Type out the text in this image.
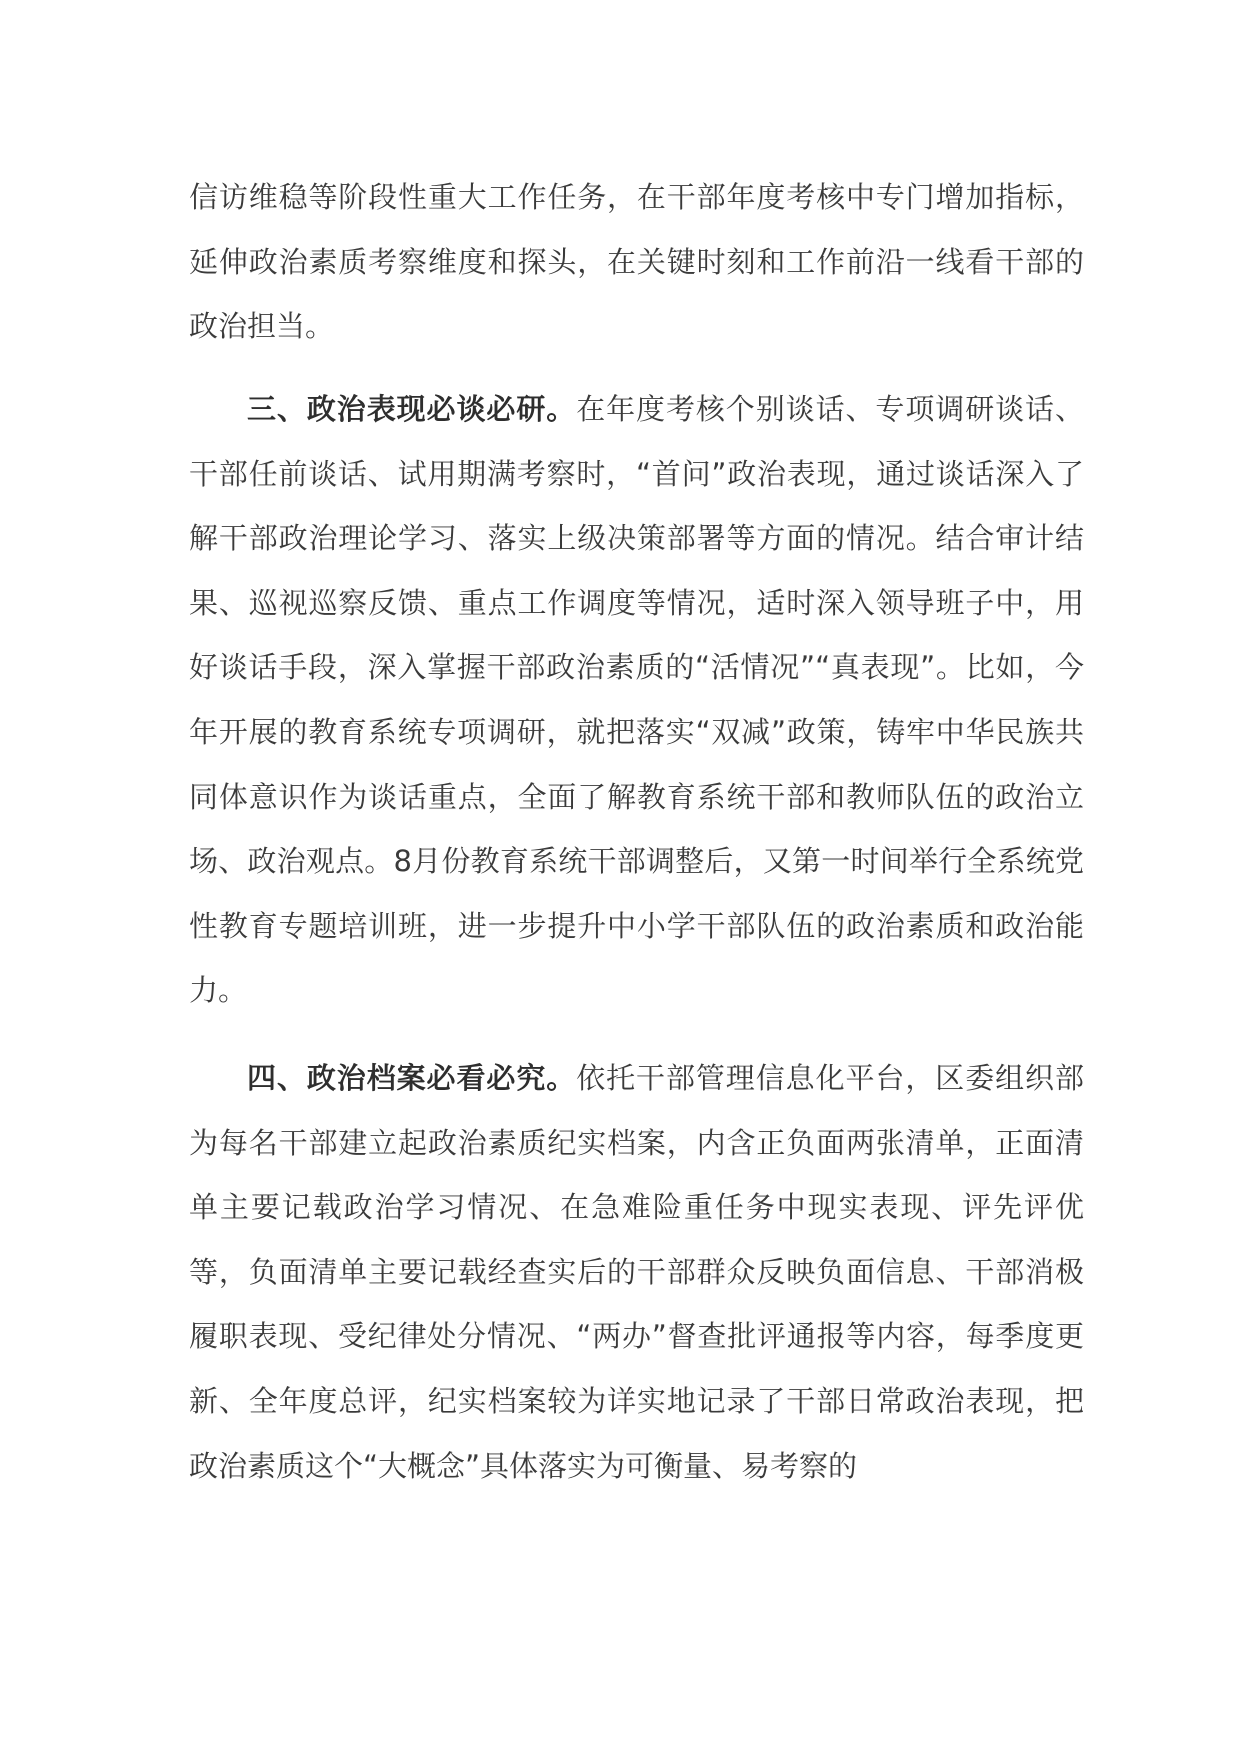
信访维稳等阶段性重大工作任务，在干部年度考核中专门增加指标，延伸政治素质考察维度和探头，在关键时刻和工作前沿一线看干部的政治担当。

三、政治表现必谈必研。在年度考核个别谈话、专项调研谈话、干部任前谈话、试用期满考察时，“首问”政治表现，通过谈话深入了解干部政治理论学习、落实上级决策部署等方面的情况。结合审计结果、巡视巡察反馈、重点工作调度等情况，适时深入领导班子中，用好谈话手段，深入掌握干部政治素质的“活情况”“真表现”。比如，今年开展的教育系统专项调研，就把落实“双减”政策，铸牢中华民族共同体意识作为谈话重点，全面了解教育系统干部和教师队伍的政治立场、政治观点。8月份教育系统干部调整后，又第一时间举行全系统党性教育专题培训班，进一步提升中小学干部队伍的政治素质和政治能力。

四、政治档案必看必究。依托干部管理信息化平台，区委组织部为每名干部建立起政治素质纪实档案，内含正负面两张清单，正面清单主要记载政治学习情况、在急难险重任务中现实表现、评先评优等，负面清单主要记载经查实后的干部群众反映负面信息、干部消极履职表现、受纪律处分情况、“两办”督查批评通报等内容，每季度更新、全年度总评，纪实档案较为详实地记录了干部日常政治表现，把政治素质这个“大概念”具体落实为可衡量、易考察的
